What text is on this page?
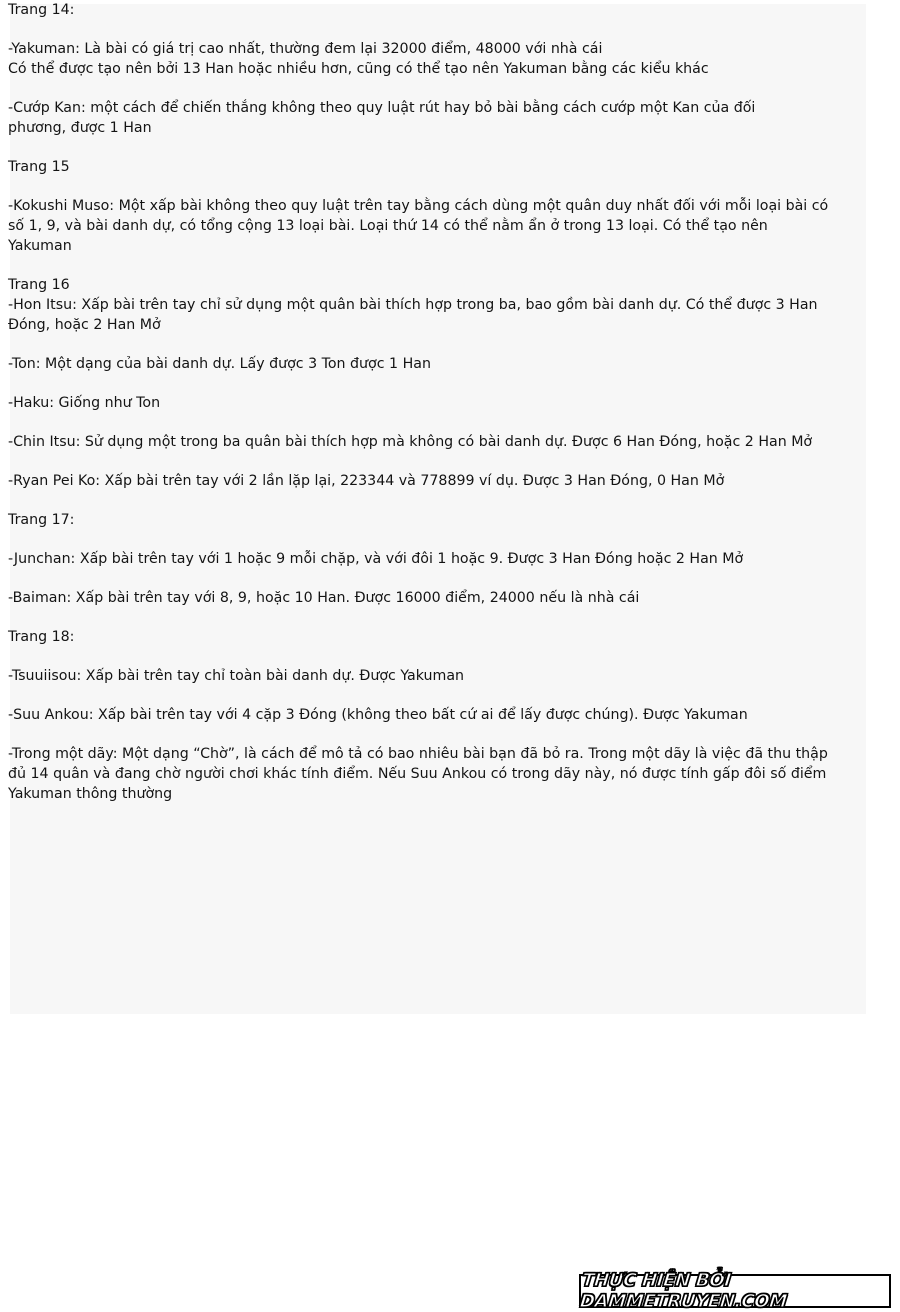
Trang 14:

-Yakuman: Là bài có giá trị cao nhất, thường đem lại 32000 điểm, 48000 với nhà cái
Có thể được tạo nên bởi 13 Han hoặc nhiều hơn, cũng có thể tạo nên Yakuman bằng các kiểu khác

-Cướp Kan: một cách để chiến thắng không theo quy luật rút hay bỏ bài bằng cách cướp một Kan của đối
phương, được 1 Han

Trang 15

-Kokushi Muso: Một xấp bài không theo quy luật trên tay bằng cách dùng một quân duy nhất đối với mỗi loại bài có
số 1, 9, và bài danh dự, có tổng cộng 13 loại bài. Loại thứ 14 có thể nằm ẩn ở trong 13 loại. Có thể tạo nên
Yakuman

Trang 16
-Hon Itsu: Xấp bài trên tay chỉ sử dụng một quân bài thích hợp trong ba, bao gồm bài danh dự. Có thể được 3 Han
Đóng, hoặc 2 Han Mở

-Ton: Một dạng của bài danh dự. Lấy được 3 Ton được 1 Han

-Haku: Giống như Ton

-Chin Itsu: Sử dụng một trong ba quân bài thích hợp mà không có bài danh dự. Được 6 Han Đóng, hoặc 2 Han Mở

-Ryan Pei Ko: Xấp bài trên tay với 2 lần lặp lại, 223344 và 778899 ví dụ. Được 3 Han Đóng, 0 Han Mở

Trang 17:

-Junchan: Xấp bài trên tay với 1 hoặc 9 mỗi chặp, và với đôi 1 hoặc 9. Được 3 Han Đóng hoặc 2 Han Mở

-Baiman: Xấp bài trên tay với 8, 9, hoặc 10 Han. Được 16000 điểm, 24000 nếu là nhà cái

Trang 18:

-Tsuuiisou: Xấp bài trên tay chỉ toàn bài danh dự. Được Yakuman

-Suu Ankou: Xấp bài trên tay với 4 cặp 3 Đóng (không theo bất cứ ai để lấy được chúng). Được Yakuman

-Trong một dãy: Một dạng “Chờ”, là cách để mô tả có bao nhiêu bài bạn đã bỏ ra. Trong một dãy là việc đã thu thập
đủ 14 quân và đang chờ người chơi khác tính điểm. Nếu Suu Ankou có trong dãy này, nó được tính gấp đôi số điểm
Yakuman thông thường

THỰC HIỆN BỞI DAMMETRUYEN.COM
